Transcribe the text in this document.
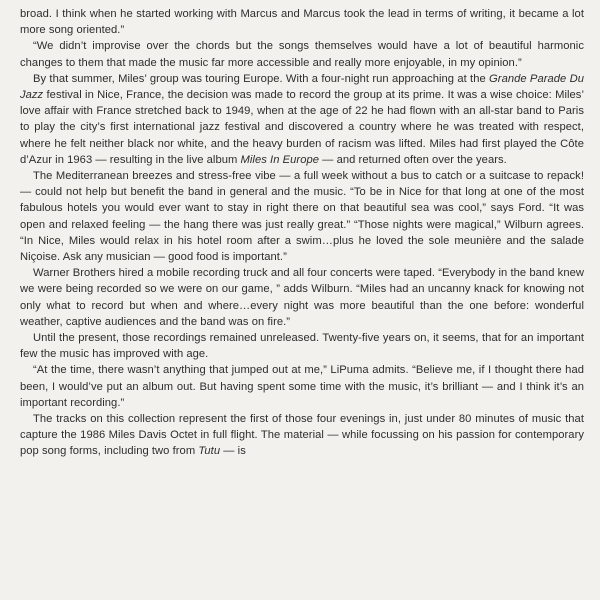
broad. I think when he started working with Marcus and Marcus took the lead in terms of writing, it became a lot more song oriented.”

“We didn’t improvise over the chords but the songs themselves would have a lot of beautiful harmonic changes to them that made the music far more accessible and really more enjoyable, in my opinion.”

By that summer, Miles’ group was touring Europe. With a four-night run approaching at the Grande Parade Du Jazz festival in Nice, France, the decision was made to record the group at its prime. It was a wise choice: Miles’ love affair with France stretched back to 1949, when at the age of 22 he had flown with an all-star band to Paris to play the city’s first international jazz festival and discovered a country where he was treated with respect, where he felt neither black nor white, and the heavy burden of racism was lifted. Miles had first played the Côte d’Azur in 1963 — resulting in the live album Miles In Europe — and returned often over the years.

The Mediterranean breezes and stress-free vibe — a full week without a bus to catch or a suitcase to repack! — could not help but benefit the band in general and the music. “To be in Nice for that long at one of the most fabulous hotels you would ever want to stay in right there on that beautiful sea was cool,” says Ford. “It was open and relaxed feeling — the hang there was just really great.” “Those nights were magical,” Wilburn agrees. “In Nice, Miles would relax in his hotel room after a swim…plus he loved the sole meunière and the salade Niçoise. Ask any musician — good food is important.”

Warner Brothers hired a mobile recording truck and all four concerts were taped. “Everybody in the band knew we were being recorded so we were on our game, ” adds Wilburn. “Miles had an uncanny knack for knowing not only what to record but when and where…every night was more beautiful than the one before: wonderful weather, captive audiences and the band was on fire.”

Until the present, those recordings remained unreleased. Twenty-five years on, it seems, that for an important few the music has improved with age.

“At the time, there wasn’t anything that jumped out at me,” LiPuma admits. “Believe me, if I thought there had been, I would’ve put an album out. But having spent some time with the music, it’s brilliant — and I think it’s an important recording.”

The tracks on this collection represent the first of those four evenings in, just under 80 minutes of music that capture the 1986 Miles Davis Octet in full flight. The material — while focussing on his passion for contemporary pop song forms, including two from Tutu — is
